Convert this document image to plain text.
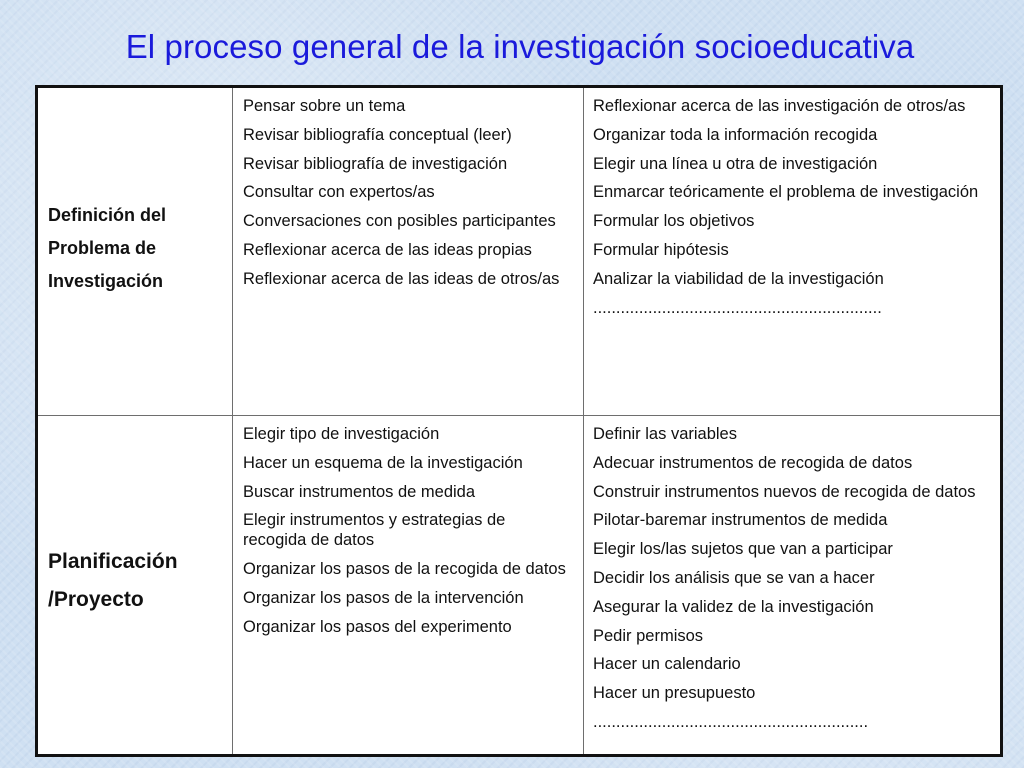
El proceso general de la investigación socioeducativa
Definición del
Problema de
Investigación
Pensar sobre un tema
Revisar bibliografía conceptual (leer)
Revisar bibliografía de investigación
Consultar con expertos/as
Conversaciones con posibles participantes
Reflexionar acerca de las ideas propias
Reflexionar acerca de las ideas de otros/as
Reflexionar acerca de las investigación de otros/as
Organizar toda la información recogida
Elegir una línea u otra de investigación
Enmarcar teóricamente el problema de investigación
Formular los objetivos
Formular hipótesis
Analizar la viabilidad de la investigación
...............................................................
Planificación
/Proyecto
Elegir tipo de investigación
Hacer un esquema de la investigación
Buscar instrumentos de medida
Elegir instrumentos y estrategias de recogida de datos
Organizar los pasos de la recogida de datos
Organizar los pasos de la intervención
Organizar los pasos del experimento
Definir las variables
Adecuar instrumentos de recogida de datos
Construir instrumentos nuevos de recogida de datos
Pilotar-baremar instrumentos de medida
Elegir los/las sujetos que van a participar
Decidir los análisis que se van a hacer
Asegurar la validez de la investigación
Pedir permisos
Hacer un calendario
Hacer un presupuesto
............................................................
